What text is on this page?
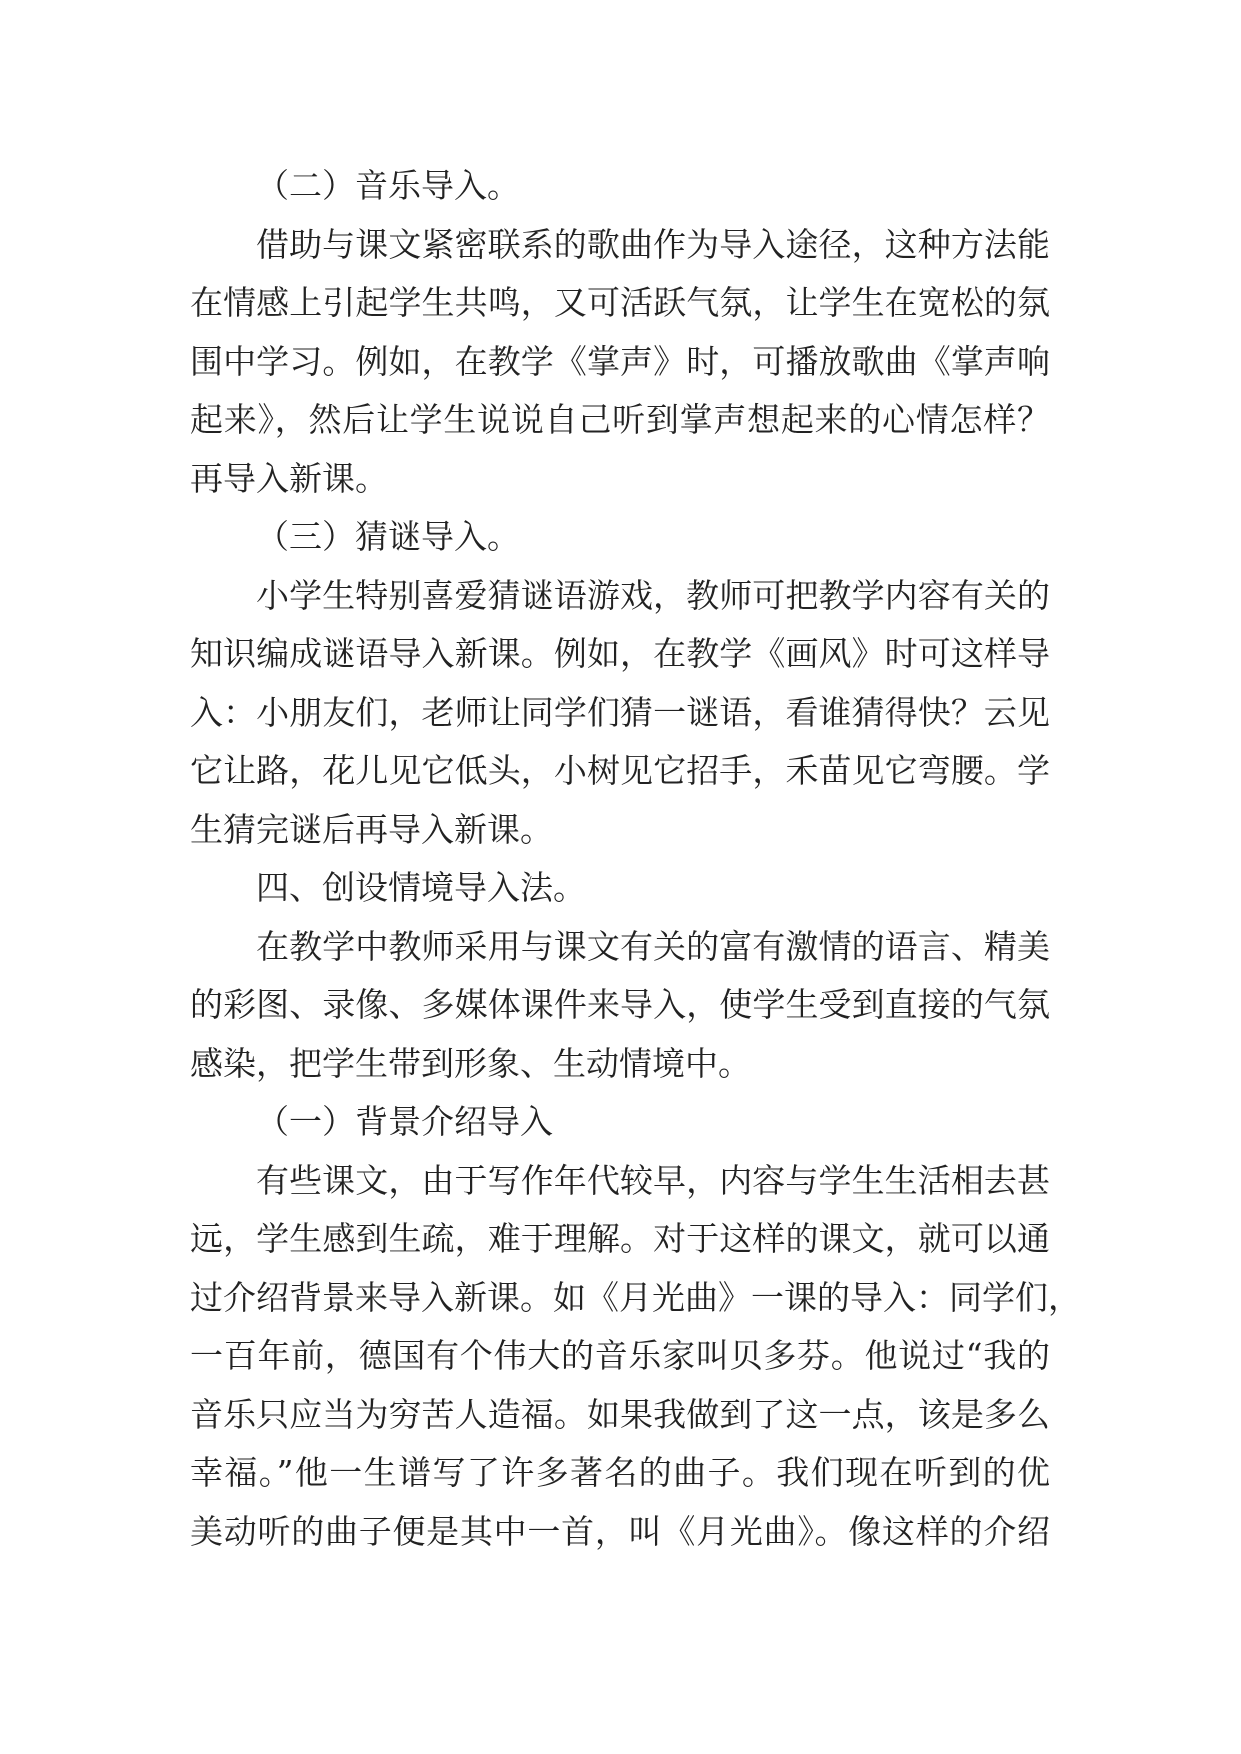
（二）音乐导入。
借助与课文紧密联系的歌曲作为导入途径，这种方法能
在情感上引起学生共鸣，又可活跃气氛，让学生在宽松的氛
围中学习。例如，在教学《掌声》时，可播放歌曲《掌声响
起来》，然后让学生说说自己听到掌声想起来的心情怎样？
再导入新课。
（三）猜谜导入。
小学生特别喜爱猜谜语游戏，教师可把教学内容有关的
知识编成谜语导入新课。例如，在教学《画风》时可这样导
入：小朋友们，老师让同学们猜一谜语，看谁猜得快？云见
它让路，花儿见它低头，小树见它招手，禾苗见它弯腰。学
生猜完谜后再导入新课。
四、创设情境导入法。
在教学中教师采用与课文有关的富有激情的语言、精美
的彩图、录像、多媒体课件来导入，使学生受到直接的气氛
感染，把学生带到形象、生动情境中。
（一）背景介绍导入
有些课文，由于写作年代较早，内容与学生生活相去甚
远，学生感到生疏，难于理解。对于这样的课文，就可以通
过介绍背景来导入新课。如《月光曲》一课的导入：同学们，
一百年前，德国有个伟大的音乐家叫贝多芬。他说过“我的
音乐只应当为穷苦人造福。如果我做到了这一点，该是多么
幸福。”他一生谱写了许多著名的曲子。我们现在听到的优
美动听的曲子便是其中一首，叫《月光曲》。像这样的介绍
